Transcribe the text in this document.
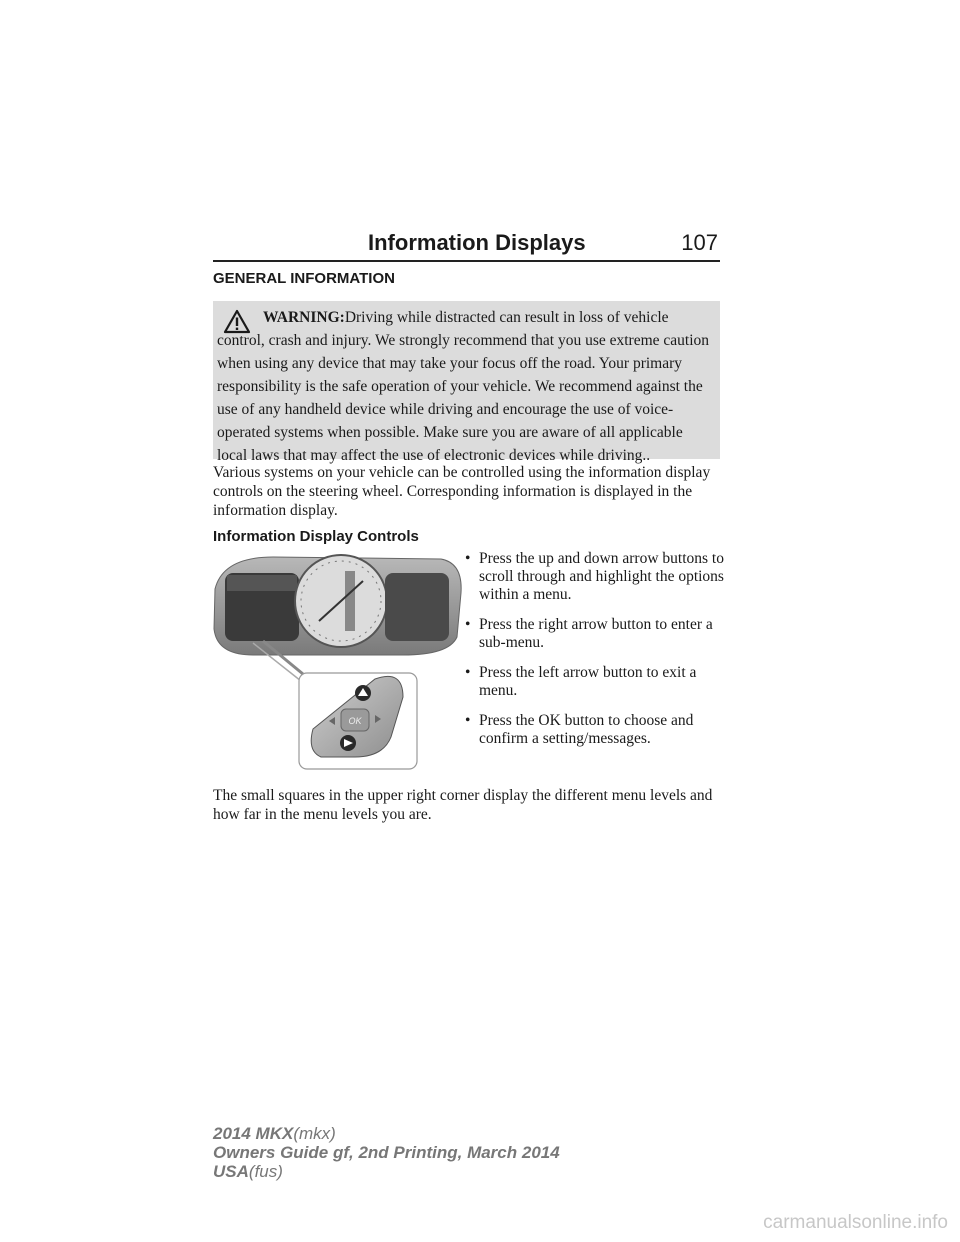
Information Displays	107
GENERAL INFORMATION
WARNING:Driving while distracted can result in loss of vehicle control, crash and injury. We strongly recommend that you use extreme caution when using any device that may take your focus off the road. Your primary responsibility is the safe operation of your vehicle. We recommend against the use of any handheld device while driving and encourage the use of voice-operated systems when possible. Make sure you are aware of all applicable local laws that may affect the use of electronic devices while driving..
Various systems on your vehicle can be controlled using the information display controls on the steering wheel. Corresponding information is displayed in the information display.
Information Display Controls
OK
• Press the up and down arrow buttons to scroll through and highlight the options within a menu.
• Press the right arrow button to enter a sub-menu.
• Press the left arrow button to exit a menu.
• Press the OK button to choose and confirm a setting/messages.
The small squares in the upper right corner display the different menu levels and how far in the menu levels you are.
2014 MKX(mkx)
Owners Guide gf, 2nd Printing, March 2014
USA(fus)
carmanualsonline.info
